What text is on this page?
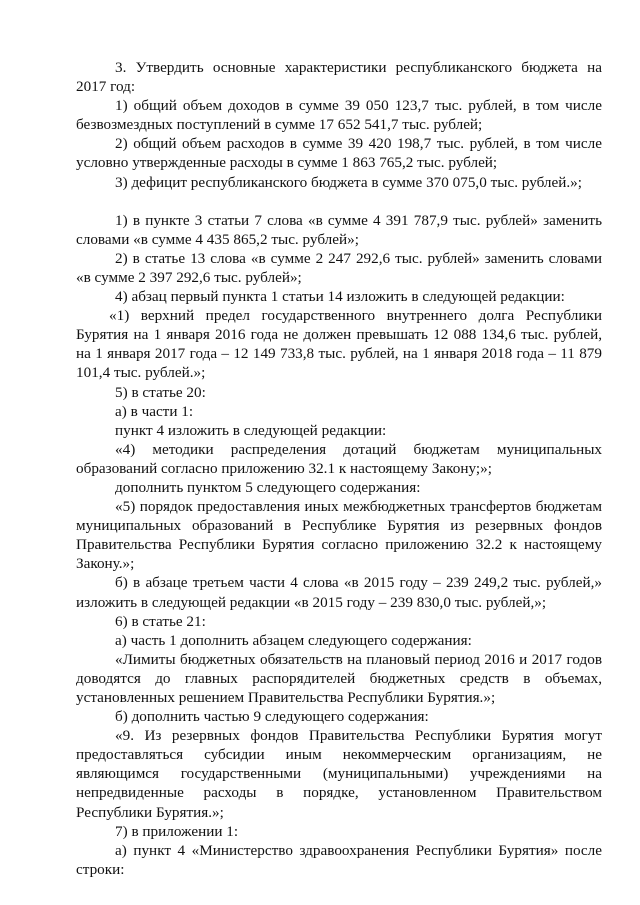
3. Утвердить основные характеристики республиканского бюджета на 2017 год:

1) общий объем доходов в сумме 39 050 123,7 тыс. рублей, в том числе безвозмездных поступлений в сумме 17 652 541,7 тыс. рублей;

2) общий объем расходов в сумме 39 420 198,7 тыс. рублей, в том числе условно утвержденные расходы в сумме 1 863 765,2 тыс. рублей;

3) дефицит республиканского бюджета в сумме 370 075,0 тыс. рублей.»;

1) в пункте 3 статьи 7 слова «в сумме 4 391 787,9 тыс. рублей» заменить словами «в сумме 4 435 865,2 тыс. рублей»;

2) в статье 13 слова «в сумме 2 247 292,6 тыс. рублей» заменить словами «в сумме 2 397 292,6 тыс. рублей»;

4) абзац первый пункта 1 статьи 14 изложить в следующей редакции:

«1) верхний предел государственного внутреннего долга Республики Бурятия на 1 января 2016 года не должен превышать 12 088 134,6 тыс. рублей, на 1 января 2017 года – 12 149 733,8 тыс. рублей, на 1 января 2018 года – 11 879 101,4 тыс. рублей.»;

5) в статье 20:

а) в части 1:

пункт 4 изложить в следующей редакции:

«4) методики распределения дотаций бюджетам муниципальных образований согласно приложению 32.1 к настоящему Закону;»;

дополнить пунктом 5 следующего содержания:

«5) порядок предоставления иных межбюджетных трансфертов бюджетам муниципальных образований в Республике Бурятия из резервных фондов Правительства Республики Бурятия согласно приложению 32.2 к настоящему Закону.»;

б) в абзаце третьем части 4 слова «в 2015 году – 239 249,2 тыс. рублей,» изложить в следующей редакции «в 2015 году – 239 830,0 тыс. рублей,»;

6) в статье 21:

а) часть 1 дополнить абзацем следующего содержания:

«Лимиты бюджетных обязательств на плановый период 2016 и 2017 годов доводятся до главных распорядителей бюджетных средств в объемах, установленных решением Правительства Республики Бурятия.»;

б) дополнить частью 9 следующего содержания:

«9. Из резервных фондов Правительства Республики Бурятия могут предоставляться субсидии иным некоммерческим организациям, не являющимся государственными (муниципальными) учреждениями на непредвиденные расходы в порядке, установленном Правительством Республики Бурятия.»;

7) в приложении 1:

а) пункт 4 «Министерство здравоохранения Республики Бурятия» после строки:
